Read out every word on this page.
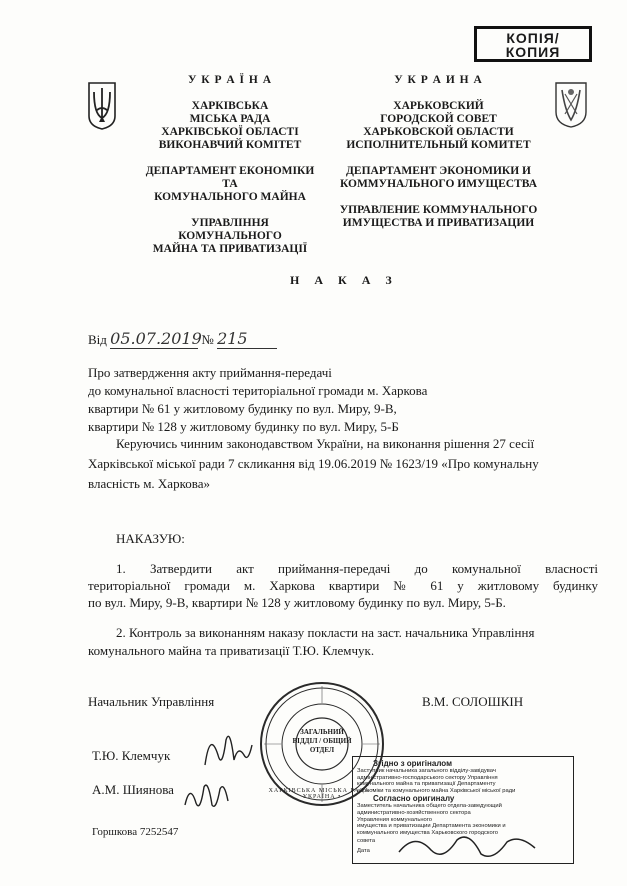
КОПІЯ/
КОПИЯ
У К Р А Ї Н А
ХАРКІВСЬКА
МІСЬКА РАДА
ХАРКІВСЬКОЇ ОБЛАСТІ
ВИКОНАВЧИЙ КОМІТЕТ
ДЕПАРТАМЕНТ ЕКОНОМІКИ ТА
КОМУНАЛЬНОГО МАЙНА
УПРАВЛІННЯ КОМУНАЛЬНОГО
МАЙНА ТА ПРИВАТИЗАЦІЇ
У К Р А И Н А
ХАРЬКОВСКИЙ
ГОРОДСКОЙ СОВЕТ
ХАРЬКОВСКОЙ ОБЛАСТИ
ИСПОЛНИТЕЛЬНЫЙ КОМИТЕТ
ДЕПАРТАМЕНТ ЭКОНОМИКИ И
КОММУНАЛЬНОГО ИМУЩЕСТВА
УПРАВЛЕНИЕ КОММУНАЛЬНОГО
ИМУЩЕСТВА И ПРИВАТИЗАЦИИ
Н А К А З
Від 05.07.2019 № 215
Про затвердження акту приймання-передачі
до комунальної власності територіальної громади м. Харкова
квартири № 61 у житловому будинку по вул. Миру, 9-В,
квартири № 128 у житловому будинку по вул. Миру, 5-Б
Керуючись чинним законодавством України, на виконання рішення 27 сесії
Харківської міської ради 7 скликання від 19.06.2019 № 1623/19 «Про комунальну
власність м. Харкова»
НАКАЗУЮ:
1. Затвердити акт приймання-передачі до комунальної власності
територіальної громади м. Харкова квартири № 61 у житловому будинку
по вул. Миру, 9-В, квартири № 128 у житловому будинку по вул. Миру, 5-Б.
2. Контроль за виконанням наказу покласти на заст. начальника Управління
комунального майна та приватизації Т.Ю. Клемчук.
Начальник Управління	В.М. СОЛОШКІН
ЗАГАЛЬНИЙ ВІДДІЛ / ОБЩИЙ ОТДЕЛ
ХАРКІВСЬКА МІСЬКА РАДА • УКРАЇНА •
Т.Ю. Клемчук
А.М. Шиянова
Горшкова 7252547
Згідно з оригіналом
Заступник начальника загального відділу-завідувач
адміністративно-господарського сектору Управління
комунального майна та приватизації Департаменту
економіки та комунального майна Харківської міської ради
Согласно оригиналу
Заместитель начальника общего отдела-заведующий
административно-хозяйственного сектора
Управления коммунального
имущества и приватизации Департамента экономики и
коммунального имущества Харьковского городского
совета
Дата
